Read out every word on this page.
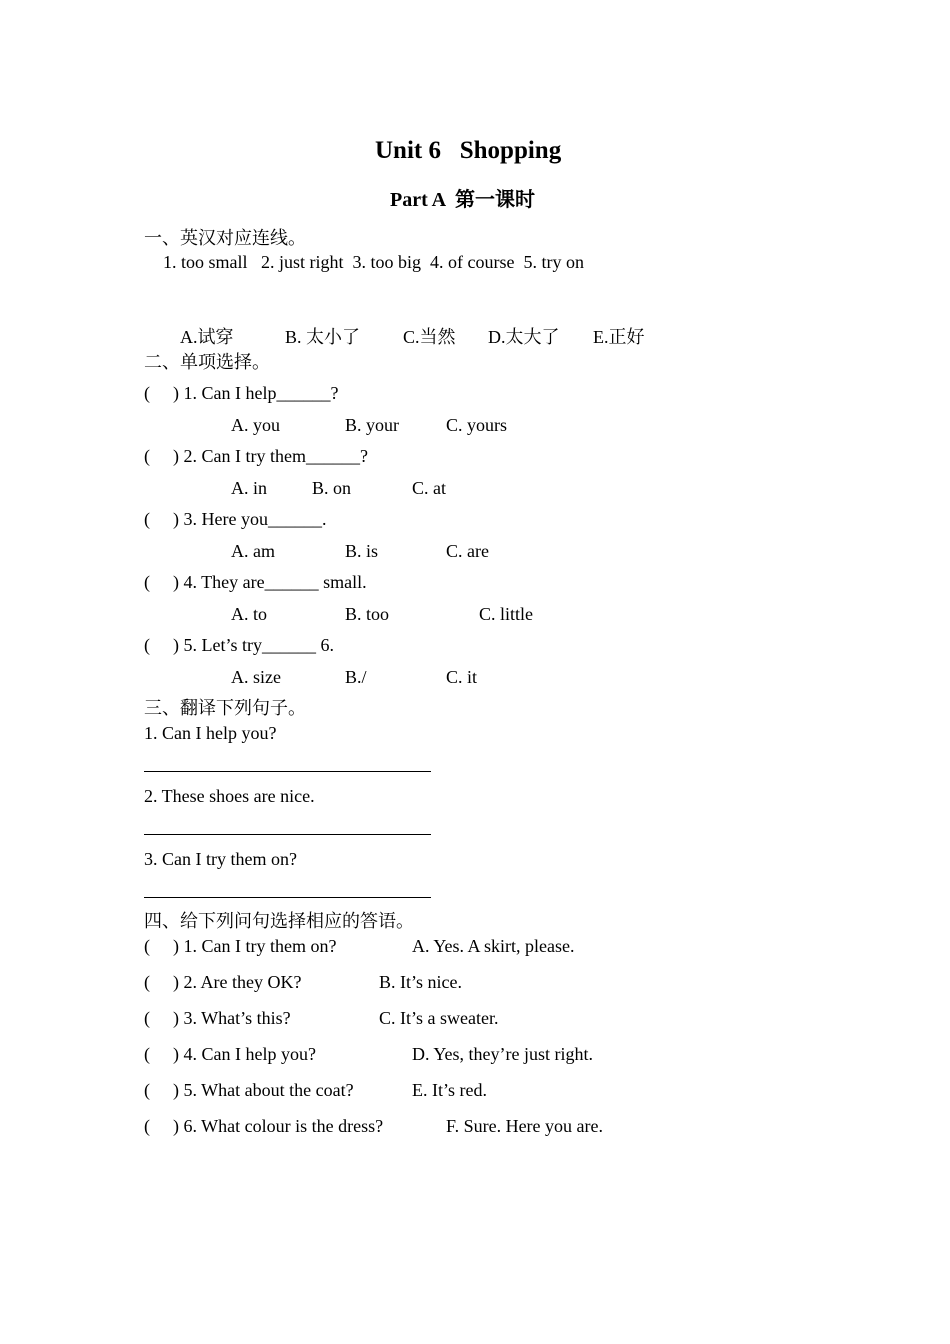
Unit 6   Shopping
Part A  第一课时
一、英汉对应连线。
1. too small   2. just right  3. too big  4. of course  5. try on
A.试穿	B. 太小了 C.当然 D.太大了 E.正好
二、单项选择。
( ) 1. Can I help______?
A. you	B. your	C. yours
( ) 2. Can I try them______?
A. in	B. on	C. at
( ) 3. Here you______.
A. am	B. is	C. are
( ) 4. They are______ small.
A. to	B. too	C. little
( ) 5. Let’s try______ 6.
A. size	B./	C. it
三、翻译下列句子。
1. Can I help you?
2. These shoes are nice.
3. Can I try them on?
四、给下列问句选择相应的答语。
( ) 1. Can I try them on?	A. Yes. A skirt, please.
( ) 2. Are they OK?	B. It’s nice.
( ) 3. What’s this?	C. It’s a sweater.
( ) 4. Can I help you?	D. Yes, they’re just right.
( ) 5. What about the coat?	E. It’s red.
( ) 6. What colour is the dress?	F. Sure. Here you are.
